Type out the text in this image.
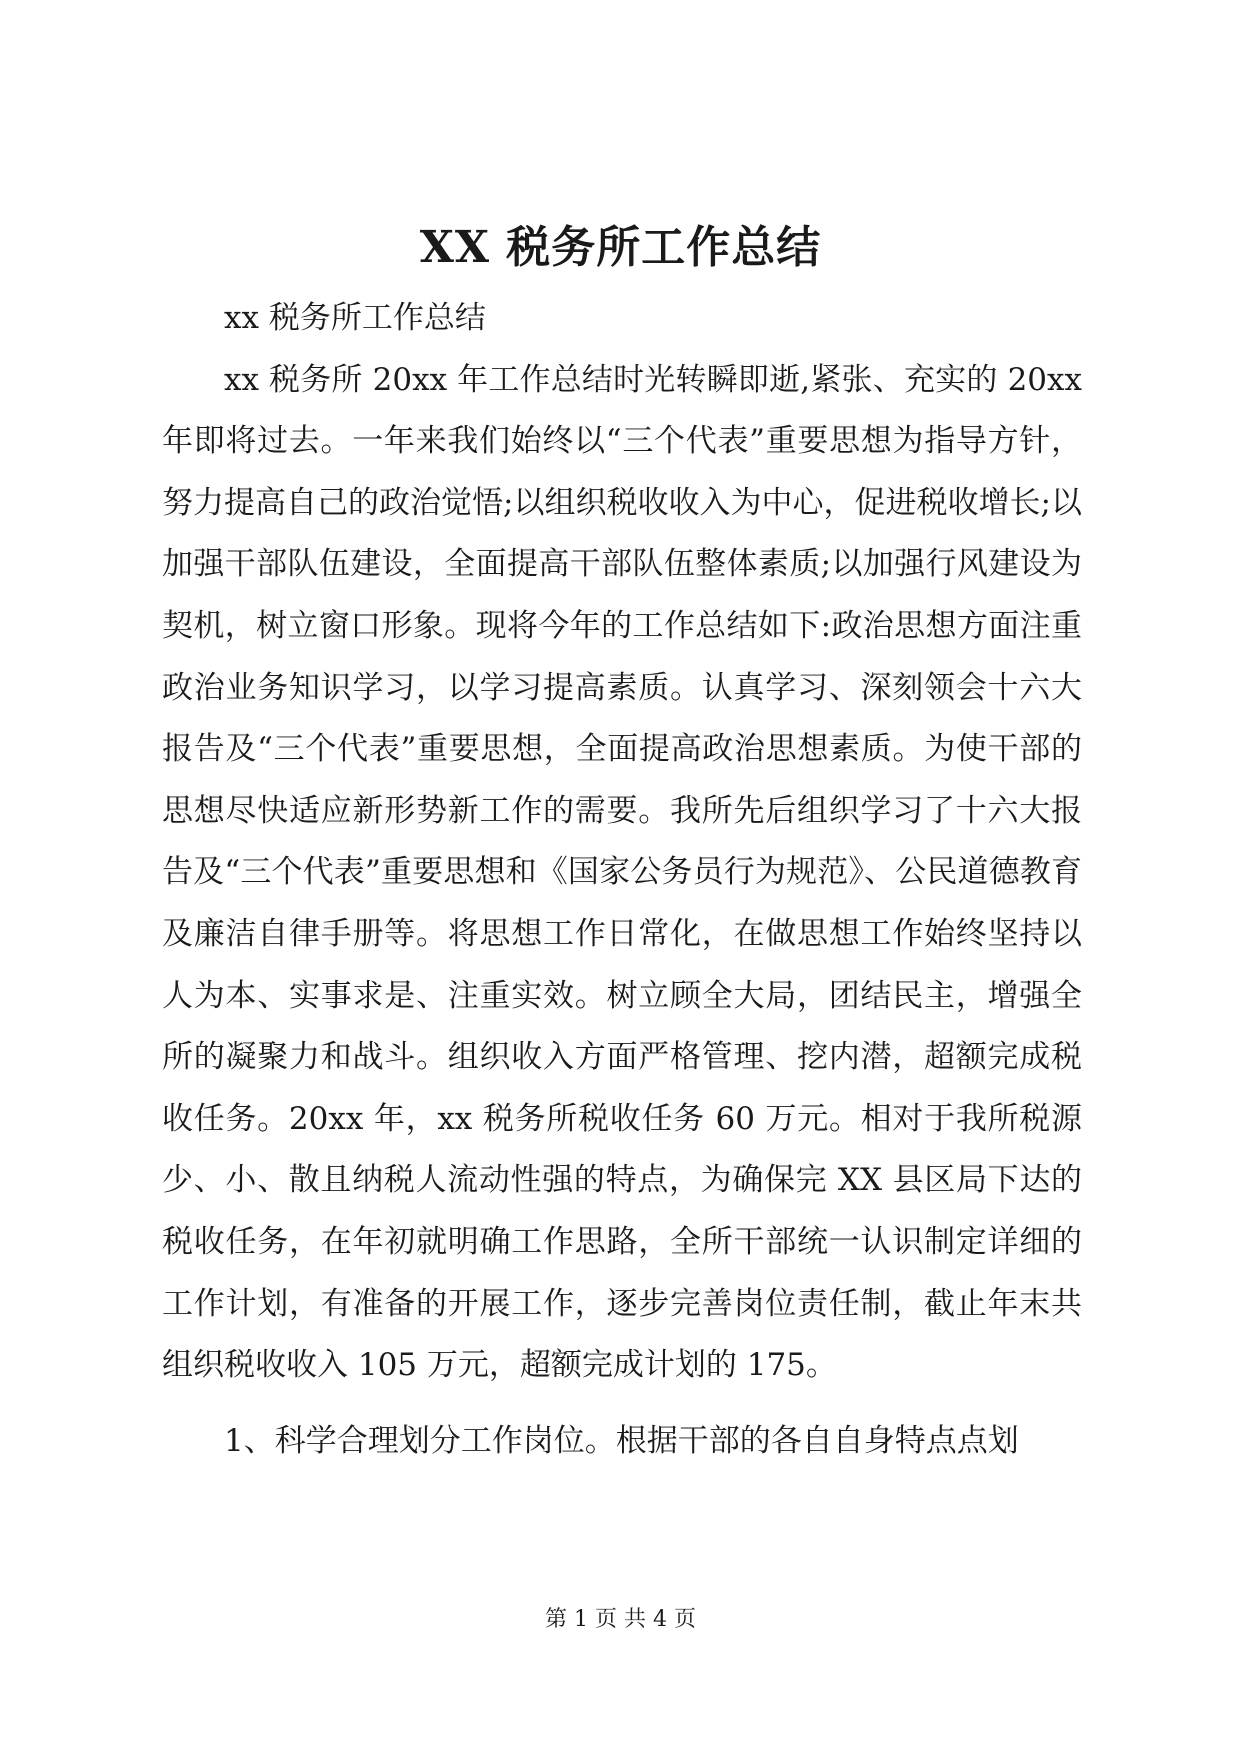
XX 税务所工作总结

xx 税务所工作总结

xx 税务所 20xx 年工作总结时光转瞬即逝,紧张、充实的 20xx 年即将过去。一年来我们始终以“三个代表”重要思想为指导方针，努力提高自己的政治觉悟;以组织税收收入为中心，促进税收增长;以加强干部队伍建设，全面提高干部队伍整体素质;以加强行风建设为契机，树立窗口形象。现将今年的工作总结如下:政治思想方面注重政治业务知识学习，以学习提高素质。认真学习、深刻领会十六大报告及“三个代表”重要思想，全面提高政治思想素质。为使干部的思想尽快适应新形势新工作的需要。我所先后组织学习了十六大报告及“三个代表”重要思想和《国家公务员行为规范》、公民道德教育及廉洁自律手册等。将思想工作日常化，在做思想工作始终坚持以人为本、实事求是、注重实效。树立顾全大局，团结民主，增强全所的凝聚力和战斗。组织收入方面严格管理、挖内潜，超额完成税收任务。20xx 年，xx 税务所税收任务 60 万元。相对于我所税源少、小、散且纳税人流动性强的特点，为确保完 XX 县区局下达的税收任务，在年初就明确工作思路，全所干部统一认识制定详细的工作计划，有准备的开展工作，逐步完善岗位责任制，截止年末共组织税收收入 105 万元，超额完成计划的 175。

1、科学合理划分工作岗位。根据干部的各自自身特点点划

第 1 页 共 4 页
